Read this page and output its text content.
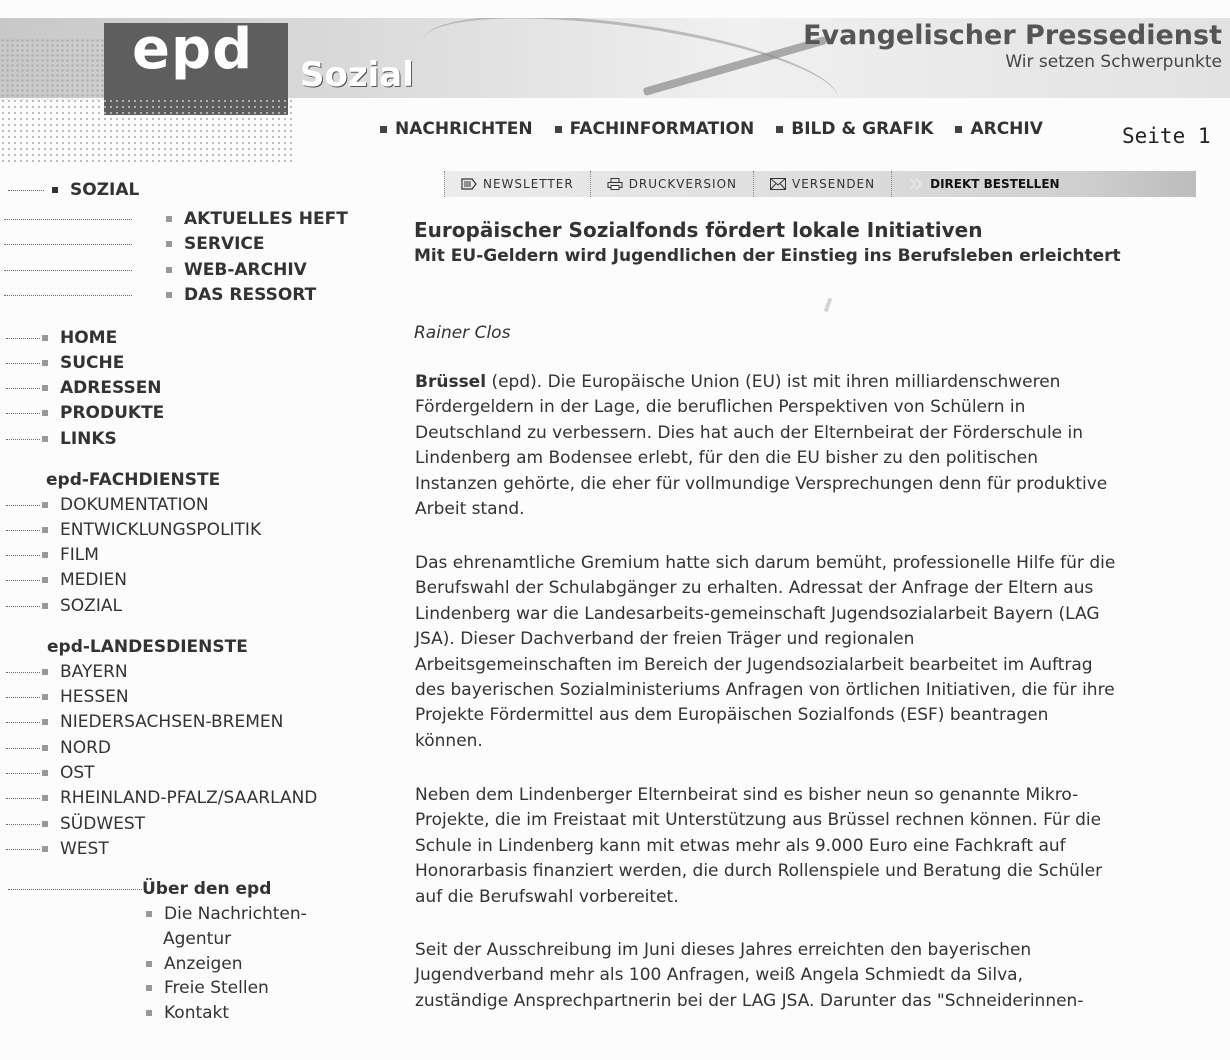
epd Sozial
Evangelischer Pressedienst
Wir setzen Schwerpunkte
NACHRICHTEN	FACHINFORMATION	BILD & GRAFIK	ARCHIV	Seite 1
NEWSLETTER	DRUCKVERSION	VERSENDEN	DIREKT BESTELLEN
SOZIAL
AKTUELLES HEFT
SERVICE
WEB-ARCHIV
DAS RESSORT
HOME
SUCHE
ADRESSEN
PRODUKTE
LINKS
epd-FACHDIENSTE
DOKUMENTATION
ENTWICKLUNGSPOLITIK
FILM
MEDIEN
SOZIAL
epd-LANDESDIENSTE
BAYERN
HESSEN
NIEDERSACHSEN-BREMEN
NORD
OST
RHEINLAND-PFALZ/SAARLAND
SÜDWEST
WEST
Über den epd
Die Nachrichten-
Agentur
Anzeigen
Freie Stellen
Kontakt
Europäischer Sozialfonds fördert lokale Initiativen
Mit EU-Geldern wird Jugendlichen der Einstieg ins Berufsleben erleichtert
Rainer Clos

Brüssel (epd). Die Europäische Union (EU) ist mit ihren milliardenschweren
Fördergeldern in der Lage, die beruflichen Perspektiven von Schülern in
Deutschland zu verbessern. Dies hat auch der Elternbeirat der Förderschule in
Lindenberg am Bodensee erlebt, für den die EU bisher zu den politischen
Instanzen gehörte, die eher für vollmundige Versprechungen denn für produktive
Arbeit stand.

Das ehrenamtliche Gremium hatte sich darum bemüht, professionelle Hilfe für die
Berufswahl der Schulabgänger zu erhalten. Adressat der Anfrage der Eltern aus
Lindenberg war die Landesarbeits-gemeinschaft Jugendsozialarbeit Bayern (LAG
JSA). Dieser Dachverband der freien Träger und regionalen
Arbeitsgemeinschaften im Bereich der Jugendsozialarbeit bearbeitet im Auftrag
des bayerischen Sozialministeriums Anfragen von örtlichen Initiativen, die für ihre
Projekte Fördermittel aus dem Europäischen Sozialfonds (ESF) beantragen
können.

Neben dem Lindenberger Elternbeirat sind es bisher neun so genannte Mikro-
Projekte, die im Freistaat mit Unterstützung aus Brüssel rechnen können. Für die
Schule in Lindenberg kann mit etwas mehr als 9.000 Euro eine Fachkraft auf
Honorarbasis finanziert werden, die durch Rollenspiele und Beratung die Schüler
auf die Berufswahl vorbereitet.

Seit der Ausschreibung im Juni dieses Jahres erreichten den bayerischen
Jugendverband mehr als 100 Anfragen, weiß Angela Schmiedt da Silva,
zuständige Ansprechpartnerin bei der LAG JSA. Darunter das "Schneiderinnen-
